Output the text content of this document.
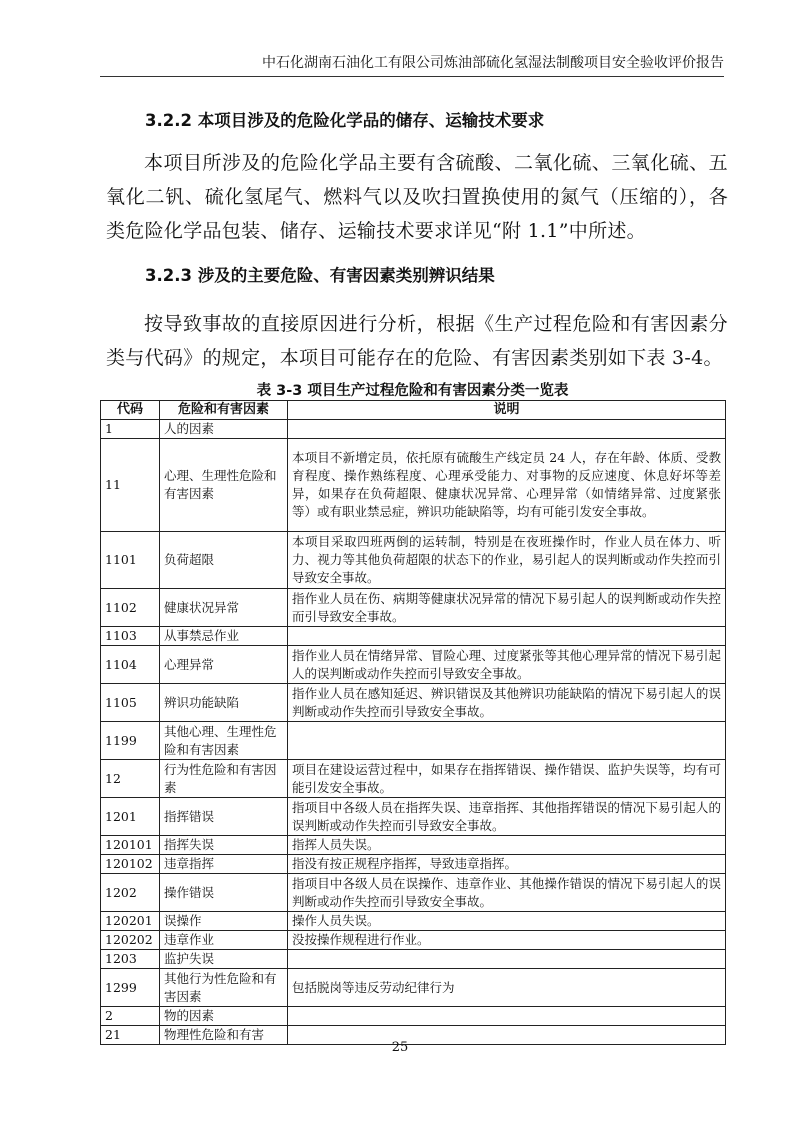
中石化湖南石油化工有限公司炼油部硫化氢湿法制酸项目安全验收评价报告
3.2.2 本项目涉及的危险化学品的储存、运输技术要求

本项目所涉及的危险化学品主要有含硫酸、二氧化硫、三氧化硫、五氧化二钒、硫化氢尾气、燃料气以及吹扫置换使用的氮气（压缩的），各类危险化学品包装、储存、运输技术要求详见“附 1.1”中所述。

3.2.3 涉及的主要危险、有害因素类别辨识结果

按导致事故的直接原因进行分析，根据《生产过程危险和有害因素分类与代码》的规定，本项目可能存在的危险、有害因素类别如下表 3-4。

表 3-3 项目生产过程危险和有害因素分类一览表

代码	危险和有害因素	说明
1	人的因素	
11	心理、生理性危险和有害因素	本项目不新增定员，依托原有硫酸生产线定员 24 人，存在年龄、体质、受教育程度、操作熟练程度、心理承受能力、对事物的反应速度、休息好坏等差异，如果存在负荷超限、健康状况异常、心理异常（如情绪异常、过度紧张等）或有职业禁忌症，辨识功能缺陷等，均有可能引发安全事故。
1101	负荷超限	本项目采取四班两倒的运转制，特别是在夜班操作时，作业人员在体力、听力、视力等其他负荷超限的状态下的作业，易引起人的误判断或动作失控而引导致安全事故。
1102	健康状况异常	指作业人员在伤、病期等健康状况异常的情况下易引起人的误判断或动作失控而引导致安全事故。
1103	从事禁忌作业	
1104	心理异常	指作业人员在情绪异常、冒险心理、过度紧张等其他心理异常的情况下易引起人的误判断或动作失控而引导致安全事故。
1105	辨识功能缺陷	指作业人员在感知延迟、辨识错误及其他辨识功能缺陷的情况下易引起人的误判断或动作失控而引导致安全事故。
1199	其他心理、生理性危险和有害因素	
12	行为性危险和有害因素	项目在建设运营过程中，如果存在指挥错误、操作错误、监护失误等，均有可能引发安全事故。
1201	指挥错误	指项目中各级人员在指挥失误、违章指挥、其他指挥错误的情况下易引起人的误判断或动作失控而引导致安全事故。
120101	指挥失误	指挥人员失误。
120102	违章指挥	指没有按正规程序指挥，导致违章指挥。
1202	操作错误	指项目中各级人员在误操作、违章作业、其他操作错误的情况下易引起人的误判断或动作失控而引导致安全事故。
120201	误操作	操作人员失误。
120202	违章作业	没按操作规程进行作业。
1203	监护失误	
1299	其他行为性危险和有害因素	包括脱岗等违反劳动纪律行为
2	物的因素	
21	物理性危险和有害	
25
